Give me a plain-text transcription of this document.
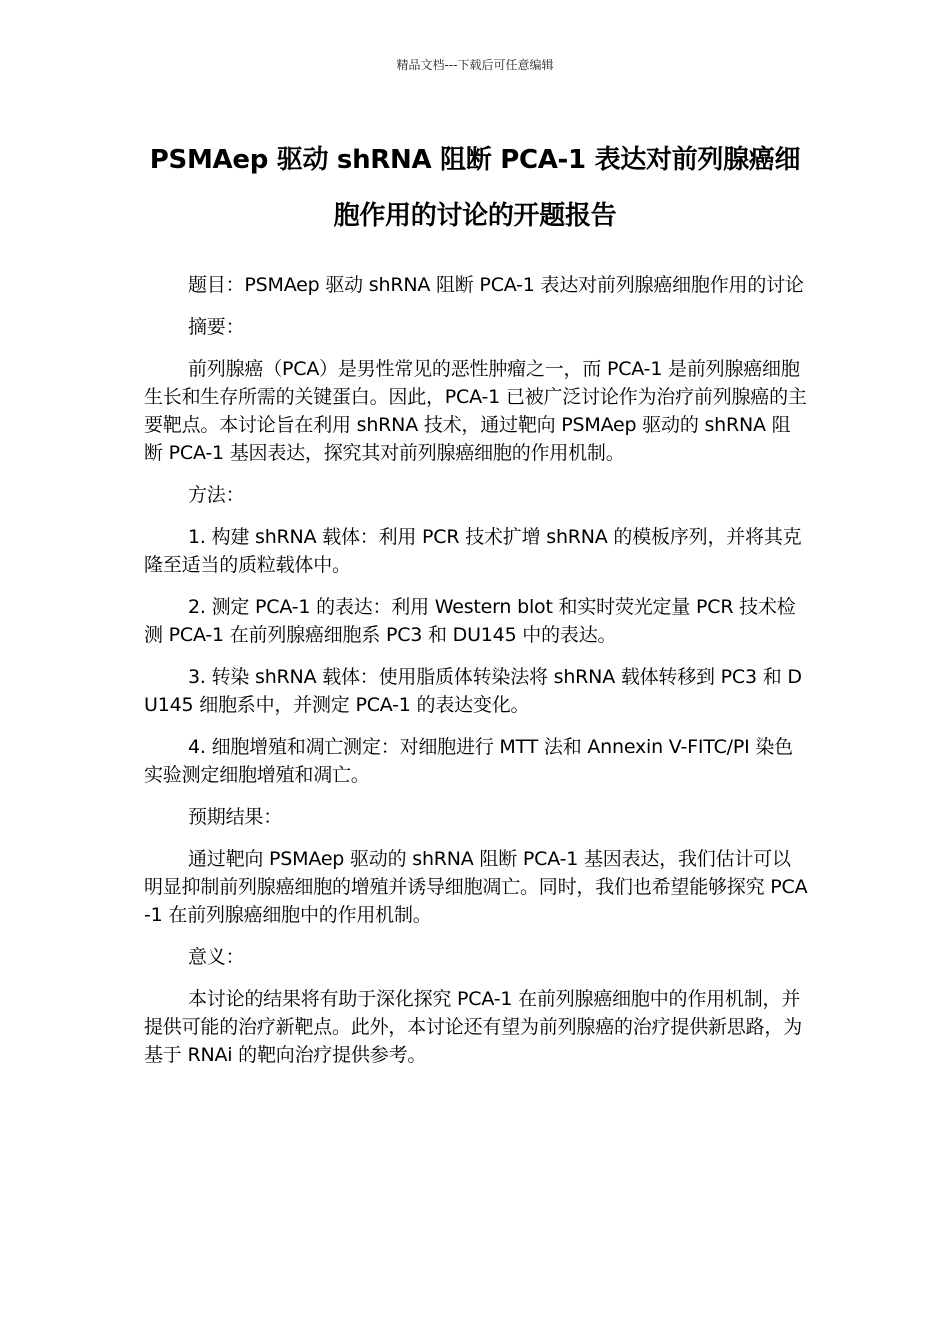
精品文档---下载后可任意编辑
PSMAep 驱动 shRNA 阻断 PCA-1 表达对前列腺癌细胞作用的讨论的开题报告

题目：PSMAep 驱动 shRNA 阻断 PCA-1 表达对前列腺癌细胞作用的讨论

摘要：

前列腺癌（PCA）是男性常见的恶性肿瘤之一，而 PCA-1 是前列腺癌细胞生长和生存所需的关键蛋白。因此，PCA-1 已被广泛讨论作为治疗前列腺癌的主要靶点。本讨论旨在利用 shRNA 技术，通过靶向 PSMAep 驱动的 shRNA 阻断 PCA-1 基因表达，探究其对前列腺癌细胞的作用机制。

方法：

1. 构建 shRNA 载体：利用 PCR 技术扩增 shRNA 的模板序列，并将其克隆至适当的质粒载体中。

2. 测定 PCA-1 的表达：利用 Western blot 和实时荧光定量 PCR 技术检测 PCA-1 在前列腺癌细胞系 PC3 和 DU145 中的表达。

3. 转染 shRNA 载体：使用脂质体转染法将 shRNA 载体转移到 PC3 和 DU145 细胞系中，并测定 PCA-1 的表达变化。

4. 细胞增殖和凋亡测定：对细胞进行 MTT 法和 Annexin V-FITC/PI 染色实验测定细胞增殖和凋亡。

预期结果：

通过靶向 PSMAep 驱动的 shRNA 阻断 PCA-1 基因表达，我们估计可以明显抑制前列腺癌细胞的增殖并诱导细胞凋亡。同时，我们也希望能够探究 PCA-1 在前列腺癌细胞中的作用机制。

意义：

本讨论的结果将有助于深化探究 PCA-1 在前列腺癌细胞中的作用机制，并提供可能的治疗新靶点。此外，本讨论还有望为前列腺癌的治疗提供新思路，为基于 RNAi 的靶向治疗提供参考。
